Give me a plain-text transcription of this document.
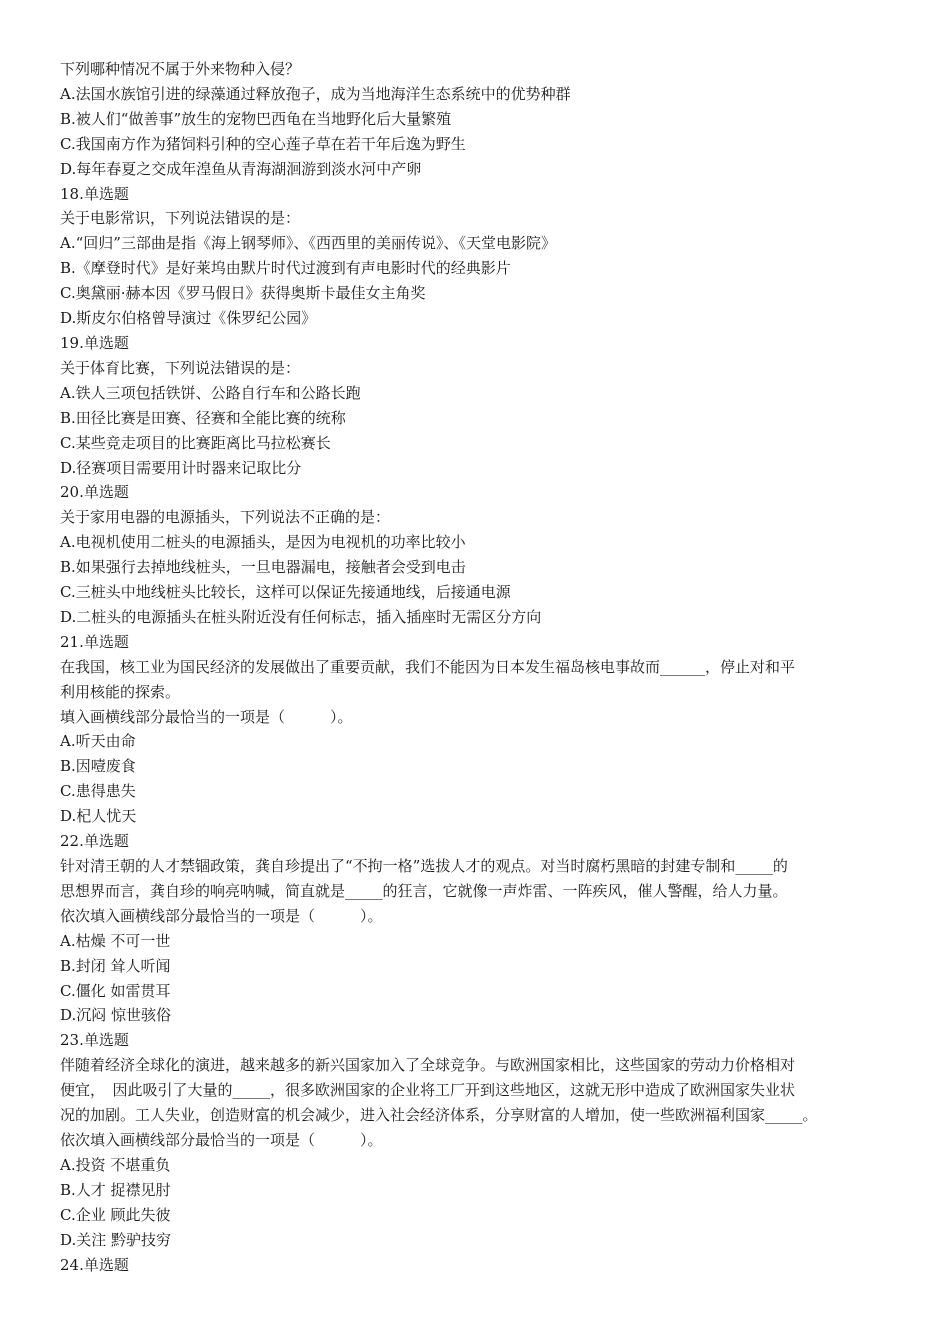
下列哪种情况不属于外来物种入侵？
A.法国水族馆引进的绿藻通过释放孢子，成为当地海洋生态系统中的优势种群
B.被人们“做善事”放生的宠物巴西龟在当地野化后大量繁殖
C.我国南方作为猪饲料引种的空心莲子草在若干年后逸为野生
D.每年春夏之交成年湟鱼从青海湖洄游到淡水河中产卵
18.单选题
关于电影常识，下列说法错误的是：
A.“回归”三部曲是指《海上钢琴师》、《西西里的美丽传说》、《天堂电影院》
B.《摩登时代》是好莱坞由默片时代过渡到有声电影时代的经典影片
C.奥黛丽·赫本因《罗马假日》获得奥斯卡最佳女主角奖
D.斯皮尔伯格曾导演过《侏罗纪公园》
19.单选题
关于体育比赛，下列说法错误的是：
A.铁人三项包括铁饼、公路自行车和公路长跑
B.田径比赛是田赛、径赛和全能比赛的统称
C.某些竞走项目的比赛距离比马拉松赛长
D.径赛项目需要用计时器来记取比分
20.单选题
关于家用电器的电源插头，下列说法不正确的是：
A.电视机使用二桩头的电源插头，是因为电视机的功率比较小
B.如果强行去掉地线桩头，一旦电器漏电，接触者会受到电击
C.三桩头中地线桩头比较长，这样可以保证先接通地线，后接通电源
D.二桩头的电源插头在桩头附近没有任何标志，插入插座时无需区分方向
21.单选题
在我国，核工业为国民经济的发展做出了重要贡献，我们不能因为日本发生福岛核电事故而______，停止对和平
利用核能的探索。
填入画横线部分最恰当的一项是（　　　）。
A.听天由命
B.因噎废食
C.患得患失
D.杞人忧天
22.单选题
针对清王朝的人才禁锢政策，龚自珍提出了“不拘一格”选拔人才的观点。对当时腐朽黑暗的封建专制和_____的
思想界而言，龚自珍的响亮呐喊，简直就是_____的狂言，它就像一声炸雷、一阵疾风，催人警醒，给人力量。
依次填入画横线部分最恰当的一项是（　　　）。
A.枯燥 不可一世
B.封闭 耸人听闻
C.僵化 如雷贯耳
D.沉闷 惊世骇俗
23.单选题
伴随着经济全球化的演进，越来越多的新兴国家加入了全球竞争。与欧洲国家相比，这些国家的劳动力价格相对
便宜，　因此吸引了大量的_____，很多欧洲国家的企业将工厂开到这些地区，这就无形中造成了欧洲国家失业状
况的加剧。工人失业，创造财富的机会减少，进入社会经济体系，分享财富的人增加，使一些欧洲福利国家_____。
依次填入画横线部分最恰当的一项是（　　　）。
A.投资 不堪重负
B.人才 捉襟见肘
C.企业 顾此失彼
D.关注 黔驴技穷
24.单选题
